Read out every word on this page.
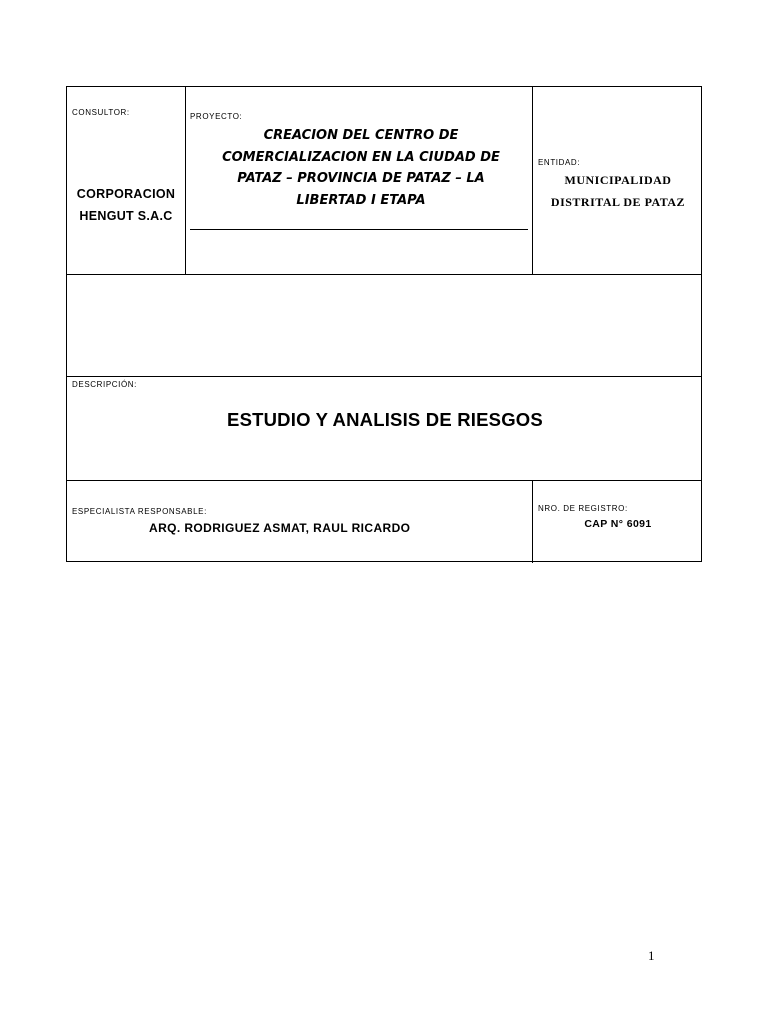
CONSULTOR:
CORPORACION
HENGUT S.A.C
PROYECTO:
CREACION DEL CENTRO DE
COMERCIALIZACION EN LA CIUDAD DE
PATAZ – PROVINCIA DE PATAZ – LA
LIBERTAD I ETAPA
ENTIDAD:
MUNICIPALIDAD
DISTRITAL DE PATAZ
DESCRIPCIÓN:
ESTUDIO Y ANALISIS DE RIESGOS
ESPECIALISTA RESPONSABLE:
ARQ. RODRIGUEZ ASMAT, RAUL RICARDO
NRO. DE REGISTRO:
CAP N° 6091
1
